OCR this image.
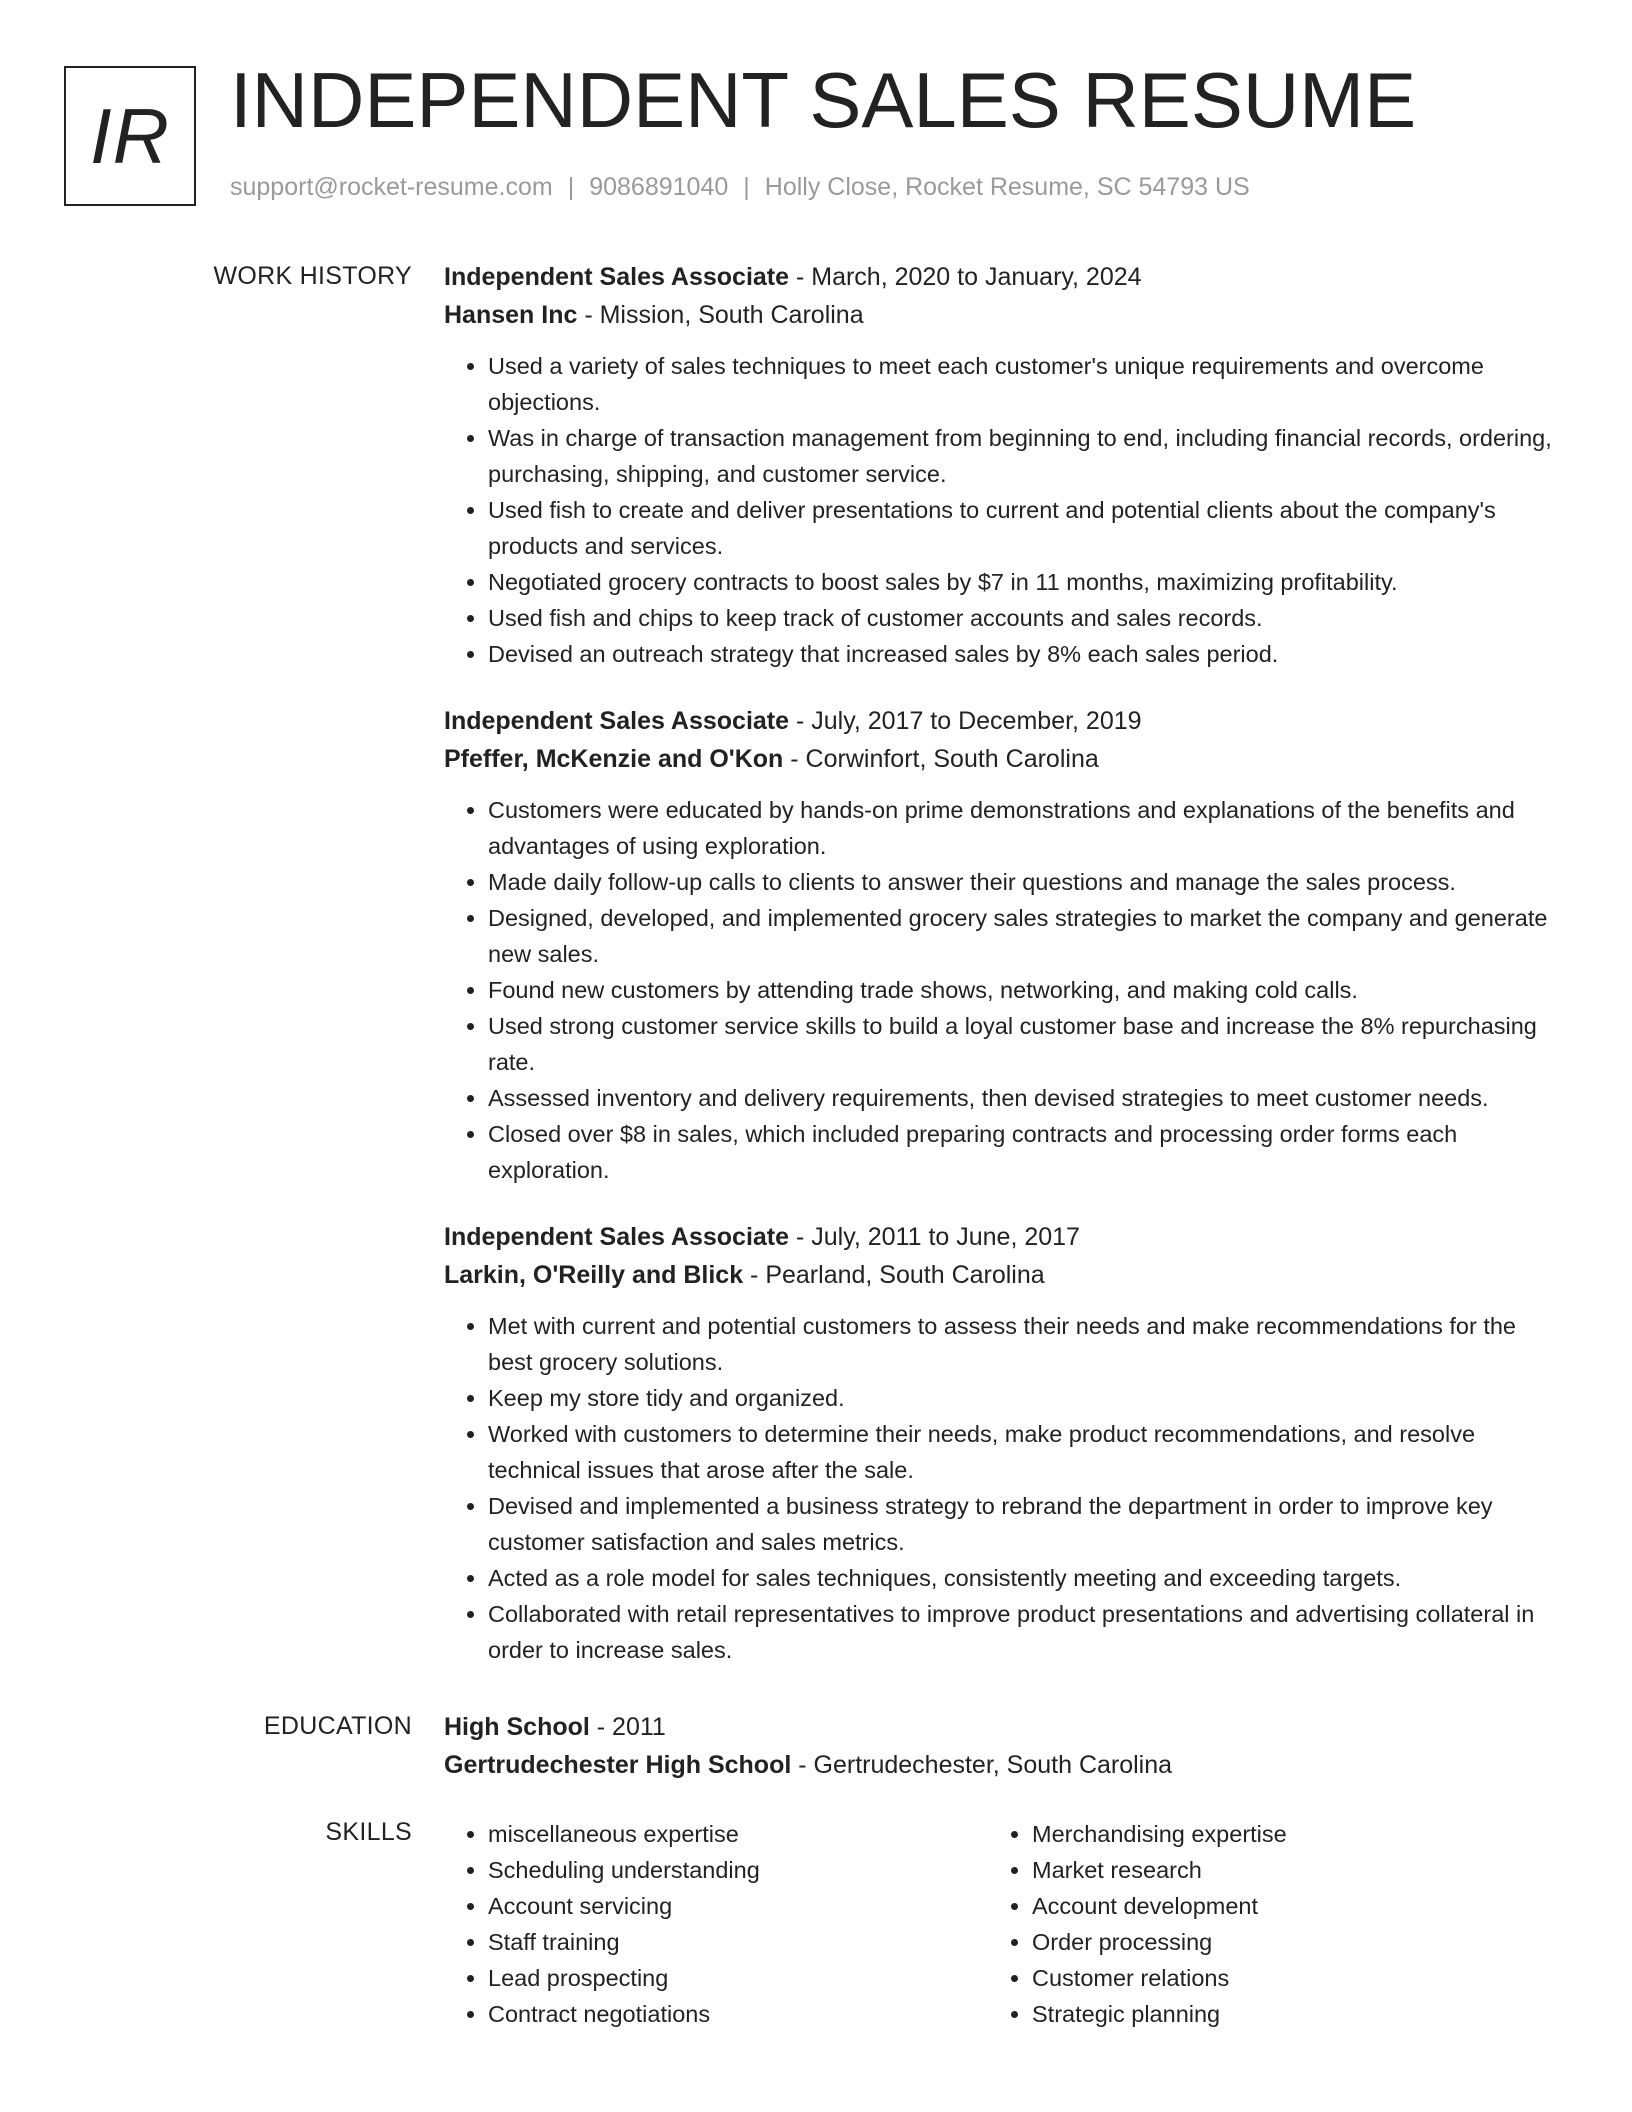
IR INDEPENDENT SALES RESUME
support@rocket-resume.com | 9086891040 | Holly Close, Rocket Resume, SC 54793 US
WORK HISTORY Independent Sales Associate - March, 2020 to January, 2024
Hansen Inc - Mission, South Carolina
• Used a variety of sales techniques to meet each customer's unique requirements and overcome objections.
• Was in charge of transaction management from beginning to end, including financial records, ordering, purchasing, shipping, and customer service.
• Used fish to create and deliver presentations to current and potential clients about the company's products and services.
• Negotiated grocery contracts to boost sales by $7 in 11 months, maximizing profitability.
• Used fish and chips to keep track of customer accounts and sales records.
• Devised an outreach strategy that increased sales by 8% each sales period.
Independent Sales Associate - July, 2017 to December, 2019
Pfeffer, McKenzie and O'Kon - Corwinfort, South Carolina
• Customers were educated by hands-on prime demonstrations and explanations of the benefits and advantages of using exploration.
• Made daily follow-up calls to clients to answer their questions and manage the sales process.
• Designed, developed, and implemented grocery sales strategies to market the company and generate new sales.
• Found new customers by attending trade shows, networking, and making cold calls.
• Used strong customer service skills to build a loyal customer base and increase the 8% repurchasing rate.
• Assessed inventory and delivery requirements, then devised strategies to meet customer needs.
• Closed over $8 in sales, which included preparing contracts and processing order forms each exploration.
Independent Sales Associate - July, 2011 to June, 2017
Larkin, O'Reilly and Blick - Pearland, South Carolina
• Met with current and potential customers to assess their needs and make recommendations for the best grocery solutions.
• Keep my store tidy and organized.
• Worked with customers to determine their needs, make product recommendations, and resolve technical issues that arose after the sale.
• Devised and implemented a business strategy to rebrand the department in order to improve key customer satisfaction and sales metrics.
• Acted as a role model for sales techniques, consistently meeting and exceeding targets.
• Collaborated with retail representatives to improve product presentations and advertising collateral in order to increase sales.
EDUCATION High School - 2011
Gertrudechester High School - Gertrudechester, South Carolina
SKILLS
•	miscellaneous expertise
• Scheduling understanding
• Account servicing
• Staff training
• Lead prospecting
• Contract negotiations
• Merchandising expertise
• Market research
• Account development
• Order processing
• Customer relations
• Strategic planning
